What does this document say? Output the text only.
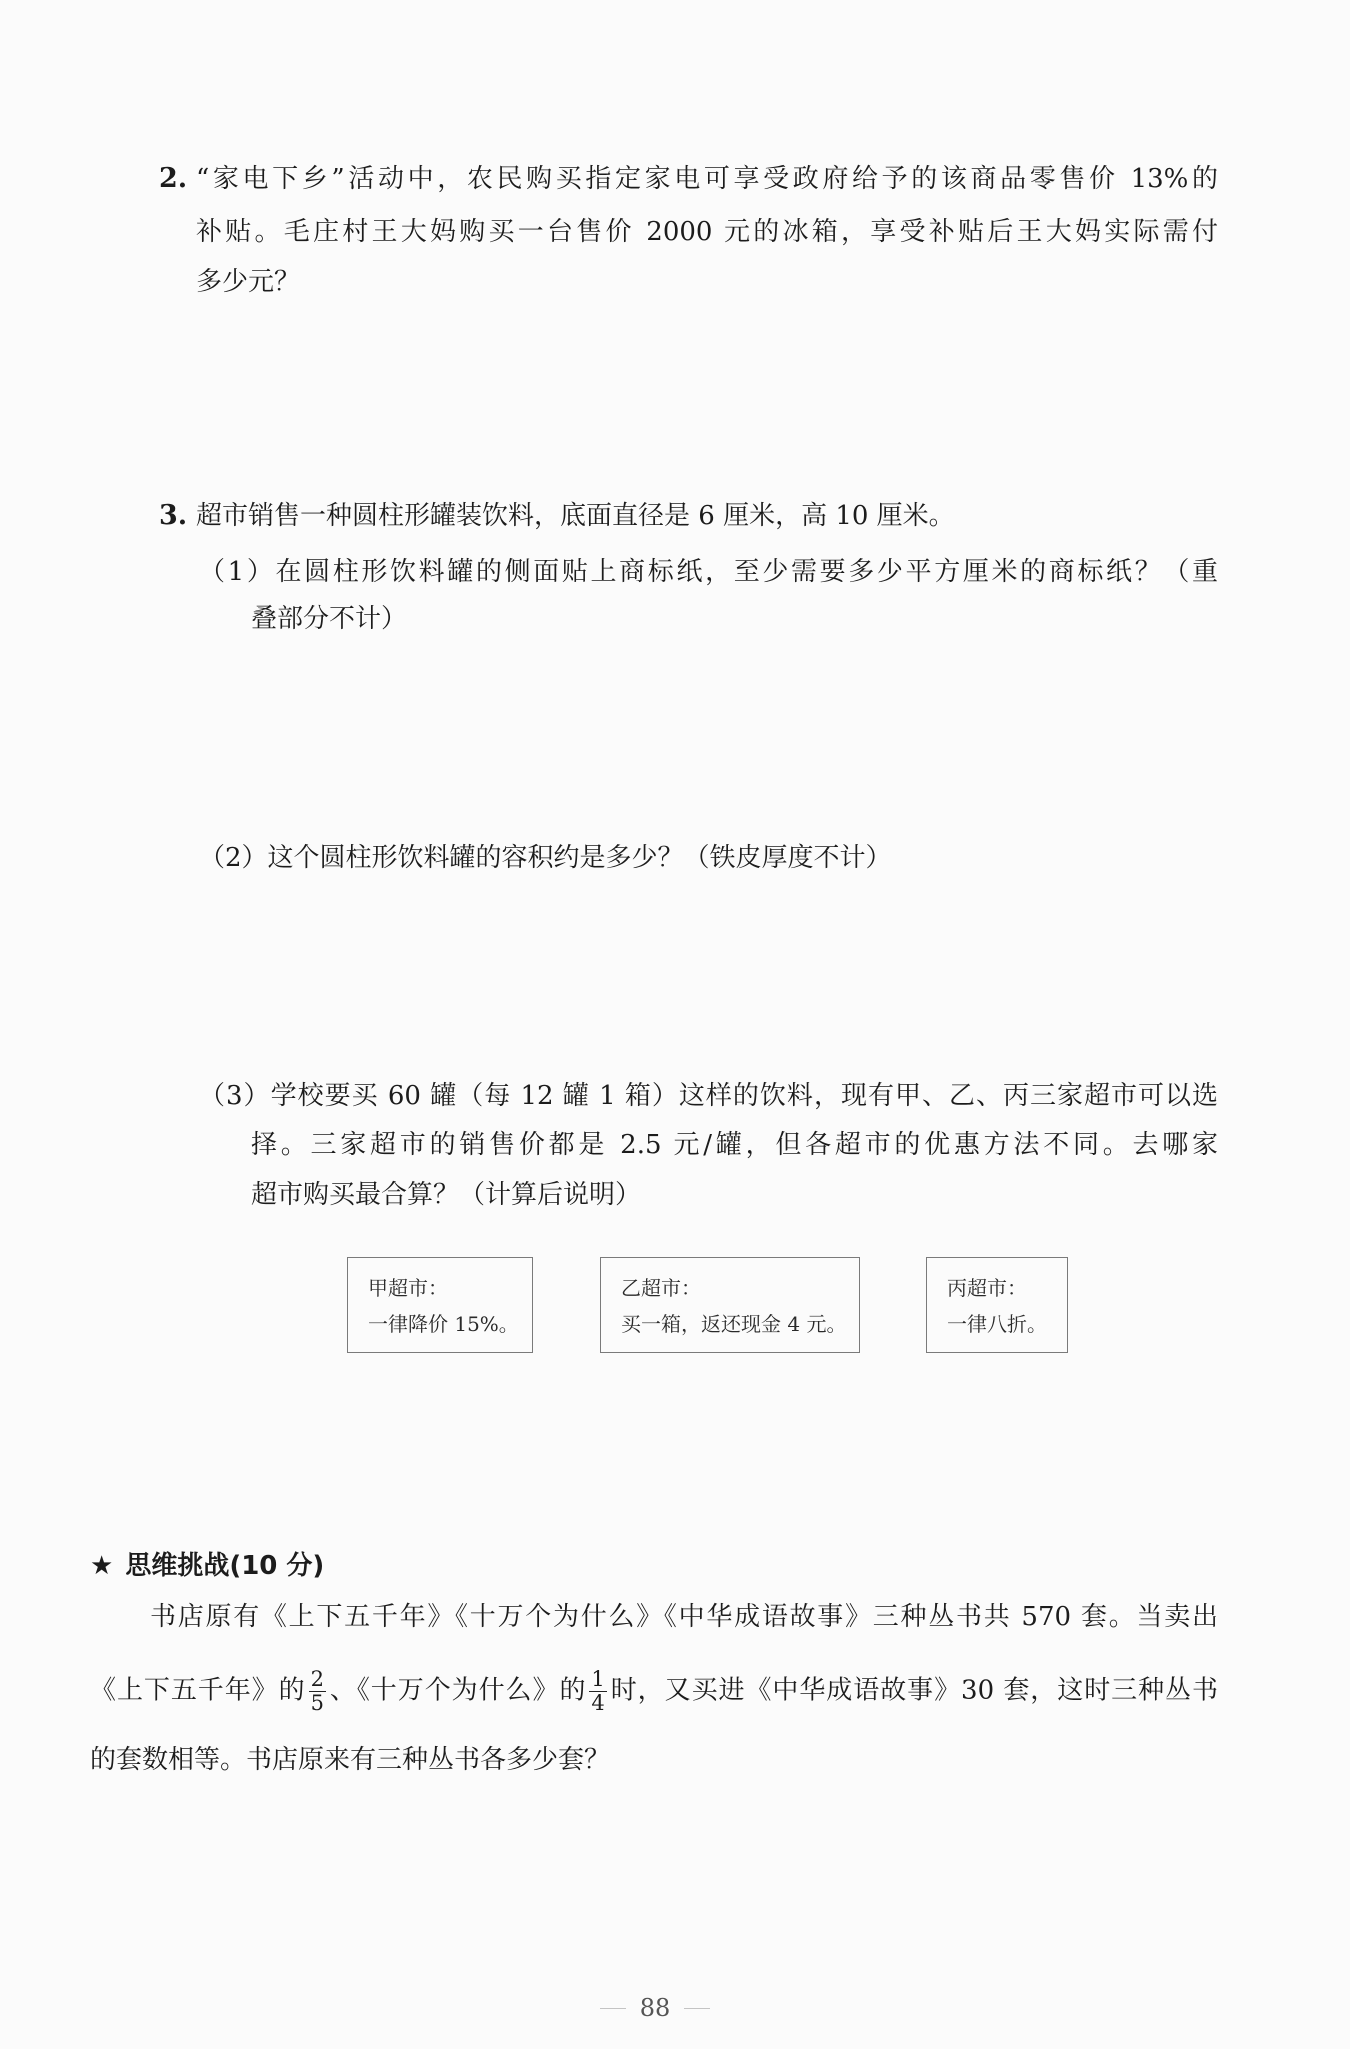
2. “家电下乡”活动中，农民购买指定家电可享受政府给予的该商品零售价 13%的
补贴。毛庄村王大妈购买一台售价 2000 元的冰箱，享受补贴后王大妈实际需付
多少元？
3. 超市销售一种圆柱形罐装饮料，底面直径是 6 厘米，高 10 厘米。
（1）在圆柱形饮料罐的侧面贴上商标纸，至少需要多少平方厘米的商标纸？（重
叠部分不计）
（2）这个圆柱形饮料罐的容积约是多少？（铁皮厚度不计）
（3）学校要买 60 罐（每 12 罐 1 箱）这样的饮料，现有甲、乙、丙三家超市可以选
择。三家超市的销售价都是 2.5 元/罐，但各超市的优惠方法不同。去哪家
超市购买最合算？（计算后说明）
甲超市：
一律降价 15%。
乙超市：
买一箱，返还现金 4 元。
丙超市：
一律八折。
★ 思维挑战(10 分)
书店原有《上下五千年》《十万个为什么》《中华成语故事》三种丛书共 570 套。当卖出
《上下五千年》的 $\frac{2}{5}$ 、《十万个为什么》的 $\frac{1}{4}$ 时，又买进《中华成语故事》30 套，这时三种丛书
的套数相等。书店原来有三种丛书各多少套？
88
